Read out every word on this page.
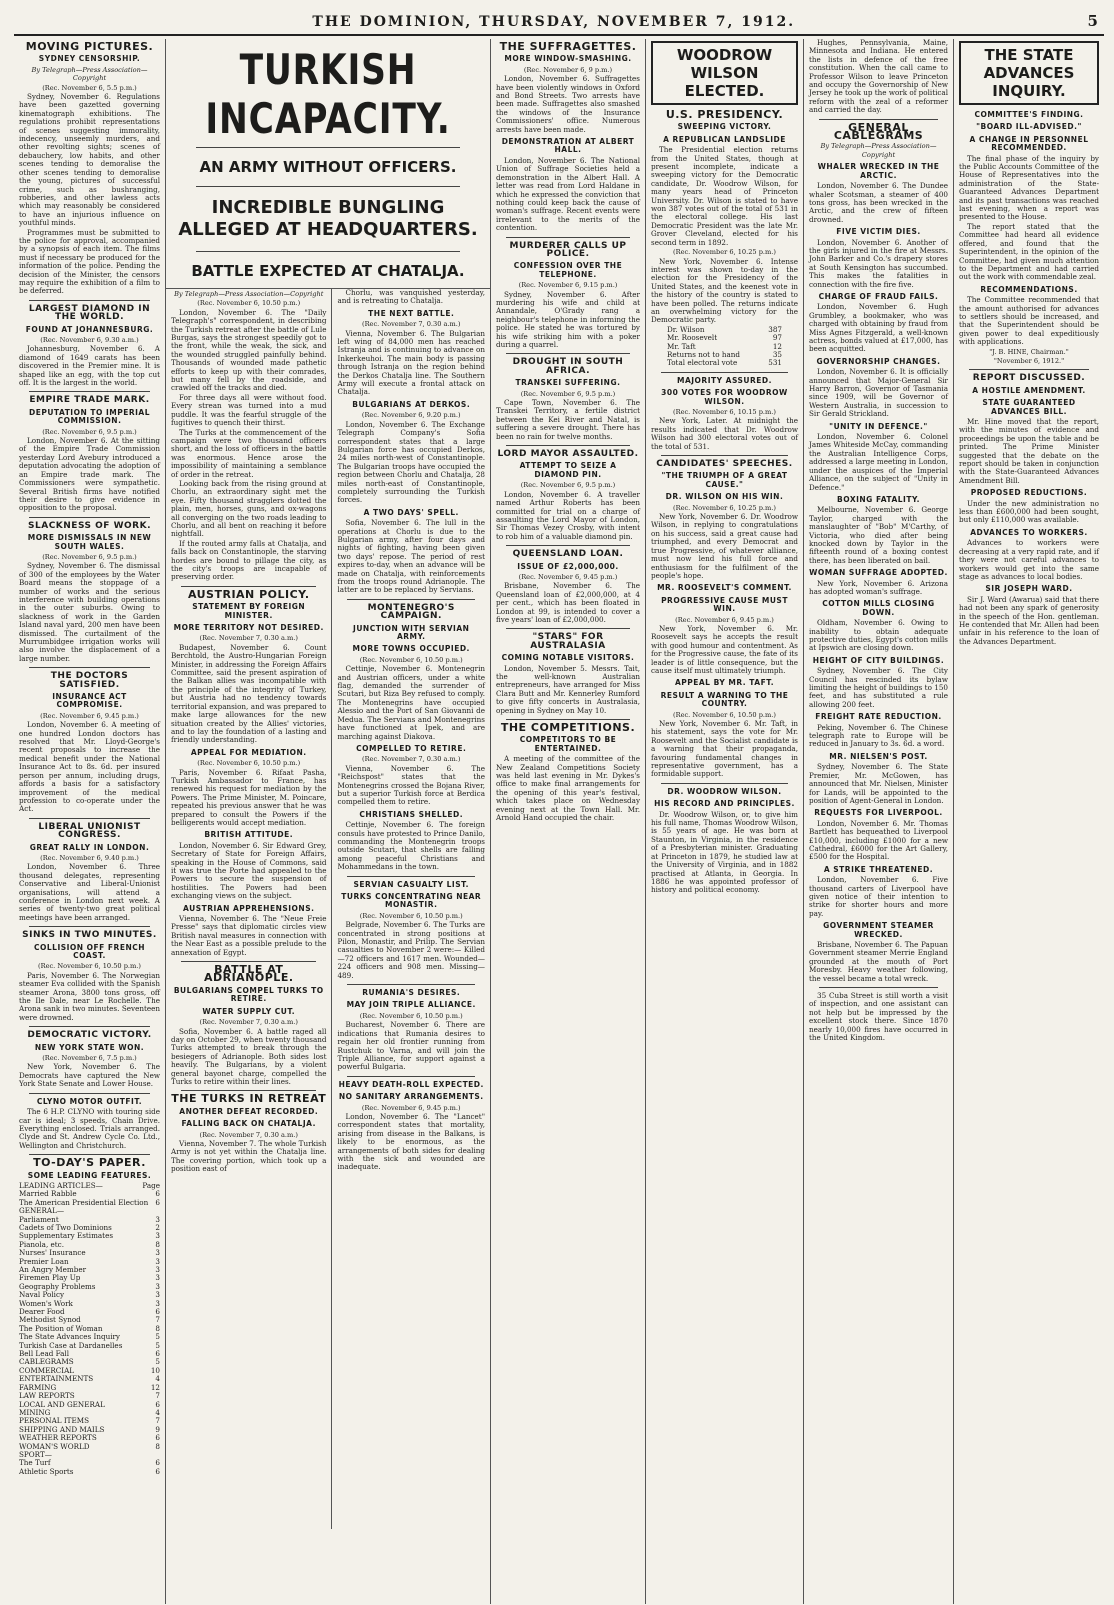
THE DOMINION, THURSDAY, NOVEMBER 7, 1912.	5
MOVING PICTURES.
SYDNEY CENSORSHIP.
By Telegraph—Press Association—Copyright
(Rec. November 6, 5.5 p.m.)

Sydney, November 6. Regulations have been gazetted governing kinematograph exhibitions. The regulations prohibit representations of scenes suggesting immorality, indecency, unseemly murders, and other revolting sights; scenes of debauchery, low habits, and other scenes tending to demoralise the other scenes tending to demoralise the young, pictures of successful crime, such as bushranging, robberies, and other lawless acts which may reasonably be considered to have an injurious influence on youthful minds.

Programmes must be submitted to the police for approval, accompanied by a synopsis of each item. The films must if necessary be produced for the information of the police. Pending the decision of the Minister, the censors may require the exhibition of a film to be deferred.

LARGEST DIAMOND IN THE WORLD.
FOUND AT JOHANNESBURG.
(Rec. November 6, 9.30 a.m.)

Johannesburg, November 6. A diamond of 1649 carats has been discovered in the Premier mine. It is shaped like an egg, with the top cut off. It is the largest in the world.

EMPIRE TRADE MARK.
DEPUTATION TO IMPERIAL COMMISSION.
(Rec. November 6, 9.5 p.m.)

London, November 6. At the sitting of the Empire Trade Commission yesterday Lord Avebury introduced a deputation advocating the adoption of an Empire trade mark. The Commissioners were sympathetic. Several British firms have notified their desire to give evidence in opposition to the proposal.

SLACKNESS OF WORK.
MORE DISMISSALS IN NEW SOUTH WALES.
(Rec. November 6, 9.5 p.m.)

Sydney, November 6. The dismissal of 300 of the employees by the Water Board means the stoppage of a number of works and the serious interference with building operations in the outer suburbs. Owing to slackness of work in the Garden Island naval yard, 200 men have been dismissed. The curtailment of the Murrumbidgee irrigation works will also involve the displacement of a large number.

THE DOCTORS SATISFIED.
INSURANCE ACT COMPROMISE.
(Rec. November 6, 9.45 p.m.)

London, November 6. A meeting of one hundred London doctors has resolved that Mr. Lloyd-George's recent proposals to increase the medical benefit under the National Insurance Act to 8s. 6d. per insured person per annum, including drugs, affords a basis for a satisfactory improvement of the medical profession to co-operate under the Act.

LIBERAL UNIONIST CONGRESS.
GREAT RALLY IN LONDON.
(Rec. November 6, 9.40 p.m.)

London, November 6. Three thousand delegates, representing Conservative and Liberal-Unionist organisations, will attend a conference in London next week. A series of twenty-two great political meetings have been arranged.

SINKS IN TWO MINUTES.
COLLISION OFF FRENCH COAST.
(Rec. November 6, 10.50 p.m.)

Paris, November 6. The Norwegian steamer Eva collided with the Spanish steamer Arona, 3800 tons gross, off the Ile Dale, near Le Rochelle. The Arona sank in two minutes. Seventeen were drowned.

DEMOCRATIC VICTORY.
NEW YORK STATE WON.
(Rec. November 6, 7.5 p.m.)

New York, November 6. The Democrats have captured the New York State Senate and Lower House.

CLYNO MOTOR OUTFIT.

The 6 H.P. CLYNO with touring side car is ideal; 3 speeds, Chain Drive. Everything enclosed. Trials arranged. Clyde and St. Andrew Cycle Co. Ltd., Wellington and Christchurch.

TO-DAY'S PAPER.
SOME LEADING FEATURES.
LEADING ARTICLES—	Page
Married Rabble	6
The American Presidential Election 6
GENERAL—
Parliament	3
Cadets of Two Dominions	2
Supplementary Estimates	3
Pianola, etc.	8
Nurses' Insurance	3
Premier Loan	3
An Angry Member	3
Firemen Play Up	3
Geography Problems	3
Naval Policy	3
Women's Work	3
Dearer Food	6
Methodist Synod	7
The Position of Woman	8
The State Advances Inquiry	5
Turkish Case at Dardanelles	5
Bell Lead Fall	6
CABLEGRAMS	5
COMMERCIAL	10
ENTERTAINMENTS	4
FARMING	12
LAW REPORTS	7
LOCAL AND GENERAL	6
MINING	4
PERSONAL ITEMS	7
SHIPPING AND MAILS	9
WEATHER REPORTS	6
WOMAN'S WORLD	8
SPORT—
The Turf	6
Athletic Sports	6
TURKISH INCAPACITY.
AN ARMY WITHOUT OFFICERS.
INCREDIBLE BUNGLING ALLEGED AT HEADQUARTERS.
BATTLE EXPECTED AT CHATALJA.
By Telegraph—Press Association—Copyright
(Rec. November 6, 10.50 p.m.)

London, November 6. The "Daily Telegraph's" correspondent, in describing the Turkish retreat after the battle of Lule Burgas, says the strongest speedily got to the front, while the weak, the sick, and the wounded struggled painfully behind. Thousands of wounded made pathetic efforts to keep up with their comrades, but many fell by the roadside, and crawled off the tracks and died.

For three days all were without food. Every strean was turned into a mud puddle. It was the fearful struggle of the fugitives to quench their thirst.

The Turks at the commencement of the campaign were two thousand officers short, and the loss of officers in the battle was enormous. Hence arose the impossibility of maintaining a semblance of order in the retreat.

Looking back from the rising ground at Chorlu, an extraordinary sight met the eye. Fifty thousand stragglers dotted the plain, men, horses, guns, and ox-wagons all converging on the two roads leading to Chorlu, and all bent on reaching it before nightfall.

If the routed army falls at Chatalja, and falls back on Constantinople, the starving hordes are bound to pillage the city, as the city's troops are incapable of preserving order.

AUSTRIAN POLICY.
STATEMENT BY FOREIGN MINISTER.
MORE TERRITORY NOT DESIRED.
(Rec. November 7, 0.30 a.m.)

Budapest, November 6. Count Berchtold, the Austro-Hungarian Foreign Minister, in addressing the Foreign Affairs Committee, said the present aspiration of the Balkan allies was incompatible with the principle of the integrity of Turkey, but Austria had no tendency towards territorial expansion, and was prepared to make large allowances for the new situation created by the Allies' victories, and to lay the foundation of a lasting and friendly understanding.

APPEAL FOR MEDIATION.
(Rec. November 6, 10.50 p.m.)

Paris, November 6. Rifaat Pasha, Turkish Ambassador to France, has renewed his request for mediation by the Powers. The Prime Minister, M. Poincare, repeated his previous answer that he was prepared to consult the Powers if the belligerents would accept mediation.

BRITISH ATTITUDE.

London, November 6. Sir Edward Grey, Secretary of State for Foreign Affairs, speaking in the House of Commons, said it was true the Porte had appealed to the Powers to secure the suspension of hostilities. The Powers had been exchanging views on the subject.

AUSTRIAN APPREHENSIONS.

Vienna, November 6. The "Neue Freie Presse" says that diplomatic circles view British naval measures in connection with the Near East as a possible prelude to the annexation of Egypt.

BATTLE AT ADRIANOPLE.
BULGARIANS COMPEL TURKS TO RETIRE.
WATER SUPPLY CUT.
(Rec. November 7, 0.30 a.m.)

Sofia, November 6. A battle raged all day on October 29, when twenty thousand Turks attempted to break through the besiegers of Adrianople. Both sides lost heavily. The Bulgarians, by a violent general bayonet charge, compelled the Turks to retire within their lines.

THE TURKS IN RETREAT
ANOTHER DEFEAT RECORDED.
FALLING BACK ON CHATALJA.
(Rec. November 7, 0.30 a.m.)

Vienna, November 7. The whole Turkish Army is not yet within the Chatalja line. The covering portion, which took up a position east of

Chorlu, was vanquished yesterday, and is retreating to Chatalja.

THE NEXT BATTLE.
(Rec. November 7, 0.30 a.m.)

Vienna, November 6. The Bulgarian left wing of 84,000 men has reached Istranja and is continuing to advance on Inkerkeuhoi. The main body is passing through Istranja on the region behind the Derkos Chatalja line. The Southern Army will execute a frontal attack on Chatalja.

BULGARIANS AT DERKOS.
(Rec. November 6, 9.20 p.m.)

London, November 6. The Exchange Telegraph Company's Sofia correspondent states that a large Bulgarian force has occupied Derkos, 24 miles north-west of Constantinople. The Bulgarian troops have occupied the region between Chorlu and Chatalja, 28 miles north-east of Constantinople, completely surrounding the Turkish forces.

A TWO DAYS' SPELL.

Sofia, November 6. The lull in the operations at Chorlu is due to the Bulgarian army, after four days and nights of fighting, having been given two days' repose. The period of rest expires to-day, when an advance will be made on Chatalja, with reinforcements from the troops round Adrianople. The latter are to be replaced by Servians.

MONTENEGRO'S CAMPAIGN.
JUNCTION WITH SERVIAN ARMY.
MORE TOWNS OCCUPIED.
(Rec. November 6, 10.50 p.m.)

Cettinje, November 6. Montenegrin and Austrian officers, under a white flag, demanded the surrender of Scutari, but Riza Bey refused to comply. The Montenegrins have occupied Alessio and the Port of San Giovanni de Medua. The Servians and Montenegrins have functioned at Ipek, and are marching against Diakova.

COMPELLED TO RETIRE.
(Rec. November 7, 0.30 a.m.)

Vienna, November 6. The "Reichspost" states that the Montenegrins crossed the Bojana River, but a superior Turkish force at Berdica compelled them to retire.

CHRISTIANS SHELLED.

Cettinje, November 6. The foreign consuls have protested to Prince Danilo, commanding the Montenegrin troops outside Scutari, that shells are falling among peaceful Christians and Mohammedans in the town.

SERVIAN CASUALTY LIST.
TURKS CONCENTRATING NEAR MONASTIR.
(Rec. November 6, 10.50 p.m.)

Belgrade, November 6. The Turks are concentrated in strong positions at Pilon, Monastir, and Prilip. The Servian casualties to November 2 were:— Killed—72 officers and 1617 men. Wounded—224 officers and 908 men. Missing—489.

RUMANIA'S DESIRES.
MAY JOIN TRIPLE ALLIANCE.
(Rec. November 6, 10.50 p.m.)

Bucharest, November 6. There are indications that Rumania desires to regain her old frontier running from Rustchuk to Varna, and will join the Triple Alliance, for support against a powerful Bulgaria.

HEAVY DEATH-ROLL EXPECTED.
NO SANITARY ARRANGEMENTS.
(Rec. November 6, 9.45 p.m.)

London, November 6. The "Lancet" correspondent states that mortality, arising from disease in the Balkans, is likely to be enormous, as the arrangements of both sides for dealing with the sick and wounded are inadequate.

THE SUFFRAGETTES.
MORE WINDOW-SMASHING.
(Rec. November 6, 9 p.m.)

London, November 6. Suffragettes have been violently windows in Oxford and Bond Streets. Two arrests have been made. Suffragettes also smashed the windows of the Insurance Commissioners' office. Numerous arrests have been made.

DEMONSTRATION AT ALBERT HALL.

London, November 6. The National Union of Suffrage Societies held a demonstration in the Albert Hall. A letter was read from Lord Haldane in which he expressed the conviction that nothing could keep back the cause of woman's suffrage. Recent events were irrelevant to the merits of the contention.

MURDERER CALLS UP POLICE.
CONFESSION OVER THE TELEPHONE.
(Rec. November 6, 9.15 p.m.)

Sydney, November 6. After murdering his wife and child at Annandale, O'Grady rang a neighbour's telephone in informing the police. He stated he was tortured by his wife striking him with a poker during a quarrel.

DROUGHT IN SOUTH AFRICA.
TRANSKEI SUFFERING.
(Rec. November 6, 9.5 p.m.)

Cape Town, November 6. The Transkei Territory, a fertile district between the Kei River and Natal, is suffering a severe drought. There has been no rain for twelve months.

LORD MAYOR ASSAULTED.
ATTEMPT TO SEIZE A DIAMOND PIN.
(Rec. November 6, 9.5 p.m.)

London, November 6. A traveller named Arthur Roberts has been committed for trial on a charge of assaulting the Lord Mayor of London, Sir Thomas Vezey Crosby, with intent to rob him of a valuable diamond pin.

QUEENSLAND LOAN.
ISSUE OF £2,000,000.
(Rec. November 6, 9.45 p.m.)

Brisbane, November 6. The Queensland loan of £2,000,000, at 4 per cent., which has been floated in London at 99, is intended to cover a five years' loan of £2,000,000.

"STARS" FOR AUSTRALASIA
COMING NOTABLE VISITORS.

London, November 5. Messrs. Tait, the well-known Australian entrepreneurs, have arranged for Miss Clara Butt and Mr. Kennerley Rumford to give fifty concerts in Australasia, opening in Sydney on May 10.

THE COMPETITIONS.
COMPETITORS TO BE ENTERTAINED.

A meeting of the committee of the New Zealand Competitions Society was held last evening in Mr. Dykes's office to make final arrangements for the opening of this year's festival, which takes place on Wednesday evening next at the Town Hall. Mr. Arnold Hand occupied the chair.

WOODROW WILSON ELECTED.
U.S. PRESIDENCY.
SWEEPING VICTORY.
A REPUBLICAN LANDSLIDE

The Presidential election returns from the United States, though at present incomplete, indicate a sweeping victory for the Democratic candidate, Dr. Woodrow Wilson, for many years head of Princeton University. Dr. Wilson is stated to have won 387 votes out of the total of 531 in the electoral college. His last Democratic President was the late Mr. Grover Cleveland, elected for his second term in 1892.

(Rec. November 6, 10.25 p.m.)

New York, November 6. Intense interest was shown to-day in the election for the Presidency of the United States, and the keenest vote in the history of the country is stated to have been polled. The returns indicate an overwhelming victory for the Democratic party.

Dr. Wilson	387
Mr. Roosevelt	97
Mr. Taft	12
Returns not to hand	35
Total electoral vote	531
MAJORITY ASSURED.
300 VOTES FOR WOODROW WILSON.
(Rec. November 6, 10.15 p.m.)

New York, Later. At midnight the results indicated that Dr. Woodrow Wilson had 300 electoral votes out of the total of 531.

CANDIDATES' SPEECHES.
"THE TRIUMPH OF A GREAT CAUSE."
DR. WILSON ON HIS WIN.
(Rec. November 6, 10.25 p.m.)

New York, November 6. Dr. Woodrow Wilson, in replying to congratulations on his success, said a great cause had triumphed, and every Democrat and true Progressive, of whatever alliance, must now lend his full force and enthusiasm for the fulfilment of the people's hope.

MR. ROOSEVELT'S COMMENT.
PROGRESSIVE CAUSE MUST WIN.
(Rec. November 6, 9.45 p.m.)

New York, November 6. Mr. Roosevelt says he accepts the result with good humour and contentment. As for the Progressive cause, the fate of its leader is of little consequence, but the cause itself must ultimately triumph.

APPEAL BY MR. TAFT.
RESULT A WARNING TO THE COUNTRY.
(Rec. November 6, 10.50 p.m.)

New York, November 6. Mr. Taft, in his statement, says the vote for Mr. Roosevelt and the Socialist candidate is a warning that their propaganda, favouring fundamental changes in representative government, has a formidable support.

DR. WOODROW WILSON.
HIS RECORD AND PRINCIPLES.

Dr. Woodrow Wilson, or, to give him his full name, Thomas Woodrow Wilson, is 55 years of age. He was born at Staunton, in Virginia, in the residence of a Presbyterian minister. Graduating at Princeton in 1879, he studied law at the University of Virginia, and in 1882 practised at Atlanta, in Georgia. In 1886 he was appointed professor of history and political economy.

Hughes, Pennsylvania, Maine, Minnesota and Indiana. He entered the lists in defence of the free constitution. When the call came to Professor Wilson to leave Princeton and occupy the Governorship of New Jersey he took up the work of political reform with the zeal of a reformer and carried the day.

GENERAL CABLEGRAMS
By Telegraph—Press Association—Copyright
WHALER WRECKED IN THE ARCTIC.

London, November 6. The Dundee whaler Scotsman, a steamer of 400 tons gross, has been wrecked in the Arctic, and the crew of fifteen drowned.

FIVE VICTIM DIES.

London, November 6. Another of the girls injured in the fire at Messrs. John Barker and Co.'s drapery stores at South Kensington has succumbed. This makes the fatalities in connection with the fire five.

CHARGE OF FRAUD FAILS.

London, November 6. Hugh Grumbley, a bookmaker, who was charged with obtaining by fraud from Miss Agnes Fitzgerald, a well-known actress, bonds valued at £17,000, has been acquitted.

GOVERNORSHIP CHANGES.

London, November 6. It is officially announced that Major-General Sir Harry Barron, Governor of Tasmania since 1909, will be Governor of Western Australia, in succession to Sir Gerald Strickland.

"UNITY IN DEFENCE."

London, November 6. Colonel James Whiteside McCay, commanding the Australian Intelligence Corps, addressed a large meeting in London, under the auspices of the Imperial Alliance, on the subject of "Unity in Defence."

BOXING FATALITY.

Melbourne, November 6. George Taylor, charged with the manslaughter of "Bob" M'Carthy, of Victoria, who died after being knocked down by Taylor in the fifteenth round of a boxing contest there, has been liberated on bail.

WOMAN SUFFRAGE ADOPTED.

New York, November 6. Arizona has adopted woman's suffrage.

COTTON MILLS CLOSING DOWN.

Oldham, November 6. Owing to inability to obtain adequate protective duties, Egypt's cotton mills at Ipswich are closing down.

HEIGHT OF CITY BUILDINGS.

Sydney, November 6. The City Council has rescinded its bylaw limiting the height of buildings to 150 feet, and has substituted a rule allowing 200 feet.

FREIGHT RATE REDUCTION.

Peking, November 6. The Chinese telegraph rate to Europe will be reduced in January to 3s. 6d. a word.

MR. NIELSEN'S POST.

Sydney, November 6. The State Premier, Mr. McGowen, has announced that Mr. Nielsen, Minister for Lands, will be appointed to the position of Agent-General in London.

REQUESTS FOR LIVERPOOL.

London, November 6. Mr. Thomas Bartlett has bequeathed to Liverpool £10,000, including £1000 for a new Cathedral, £6000 for the Art Gallery, £500 for the Hospital.

A STRIKE THREATENED.

London, November 6. Five thousand carters of Liverpool have given notice of their intention to strike for shorter hours and more pay.

GOVERNMENT STEAMER WRECKED.

Brisbane, November 6. The Papuan Government steamer Merrie England grounded at the mouth of Port Moresby. Heavy weather following, the vessel became a total wreck.

35 Cuba Street is still worth a visit of inspection, and one assistant can not help but be impressed by the excellent stock there. Since 1870 nearly 10,000 fires have occurred in the United Kingdom.

THE STATE ADVANCES INQUIRY.
COMMITTEE'S FINDING.
"BOARD ILL-ADVISED."
A CHANGE IN PERSONNEL RECOMMENDED.

The final phase of the inquiry by the Public Accounts Committee of the House of Representatives into the administration of the State-Guaranteed Advances Department and its past transactions was reached last evening, when a report was presented to the House.

The report stated that the Committee had heard all evidence offered, and found that the Superintendent, in the opinion of the Committee, had given much attention to the Department and had carried out the work with commendable zeal.

RECOMMENDATIONS.

The Committee recommended that the amount authorised for advances to settlers should be increased, and that the Superintendent should be given power to deal expeditiously with applications.

"J. B. HINE, Chairman."
"November 6, 1912."
REPORT DISCUSSED.
A HOSTILE AMENDMENT.
STATE GUARANTEED ADVANCES BILL.

Mr. Hine moved that the report, with the minutes of evidence and proceedings be upon the table and be printed. The Prime Minister suggested that the debate on the report should be taken in conjunction with the State-Guaranteed Advances Amendment Bill.

PROPOSED REDUCTIONS.

Under the new administration no less than £600,000 had been sought, but only £110,000 was available.

ADVANCES TO WORKERS.

Advances to workers were decreasing at a very rapid rate, and if they were not careful advances to workers would get into the same stage as advances to local bodies.

SIR JOSEPH WARD.

Sir J. Ward (Awarua) said that there had not been any spark of generosity in the speech of the Hon. gentleman. He contended that Mr. Allen had been unfair in his reference to the loan of the Advances Department.
